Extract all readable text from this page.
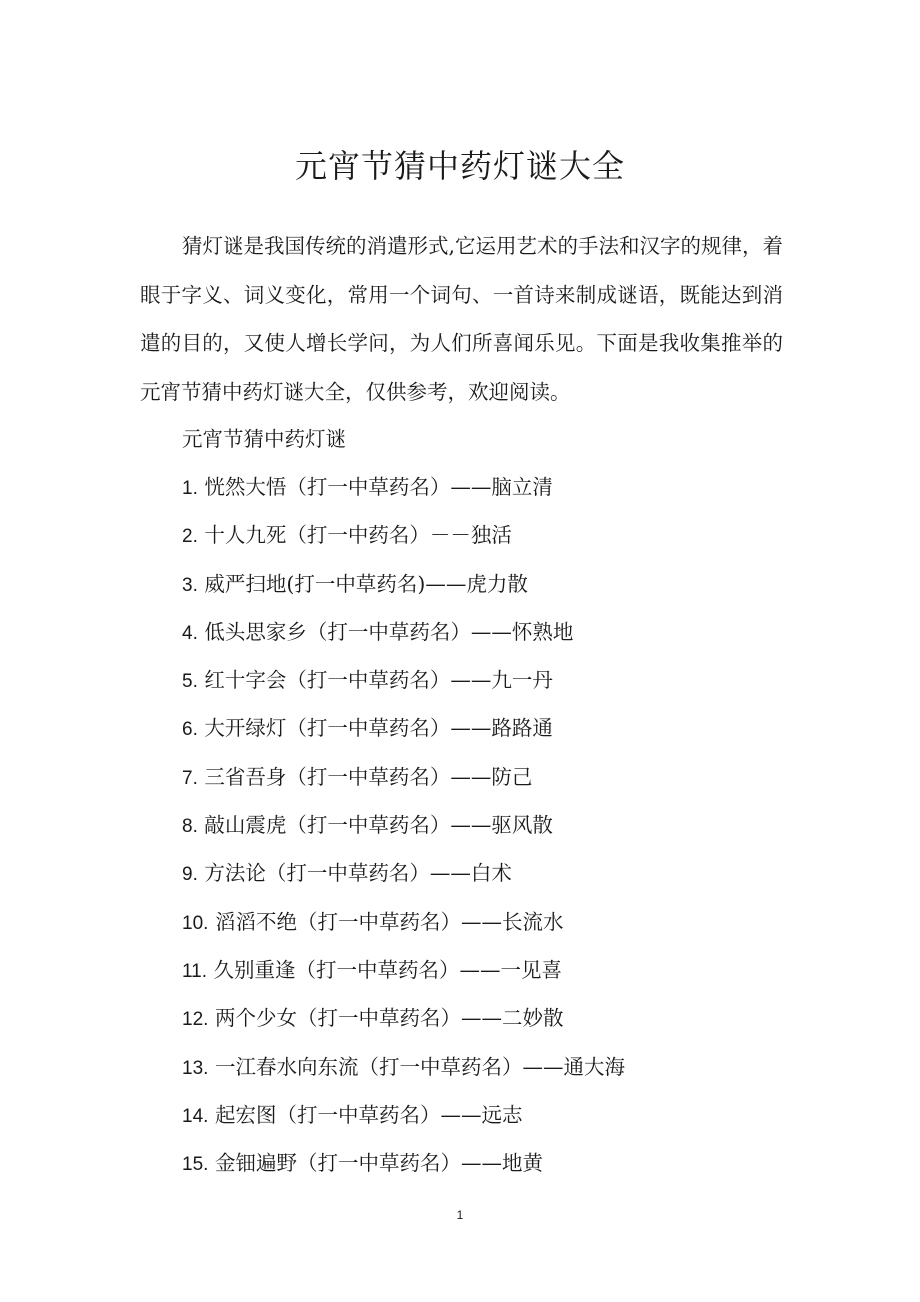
元宵节猜中药灯谜大全

猜灯谜是我国传统的消遣形式,它运用艺术的手法和汉字的规律，着眼于字义、词义变化，常用一个词句、一首诗来制成谜语，既能达到消遣的目的，又使人增长学问，为人们所喜闻乐见。下面是我收集推举的元宵节猜中药灯谜大全，仅供参考，欢迎阅读。

元宵节猜中药灯谜

1. 恍然大悟（打一中草药名）——脑立清
2. 十人九死（打一中药名）－－独活
3. 威严扫地(打一中草药名)——虎力散
4. 低头思家乡（打一中草药名）——怀熟地
5. 红十字会（打一中草药名）——九一丹
6. 大开绿灯（打一中草药名）——路路通
7. 三省吾身（打一中草药名）——防己
8. 敲山震虎（打一中草药名）——驱风散
9. 方法论（打一中草药名）——白术
10. 滔滔不绝（打一中草药名）——长流水
11. 久别重逢（打一中草药名）——一见喜
12. 两个少女（打一中草药名）——二妙散
13. 一江春水向东流（打一中草药名）——通大海
14. 起宏图（打一中草药名）——远志
15. 金钿遍野（打一中草药名）——地黄
1
